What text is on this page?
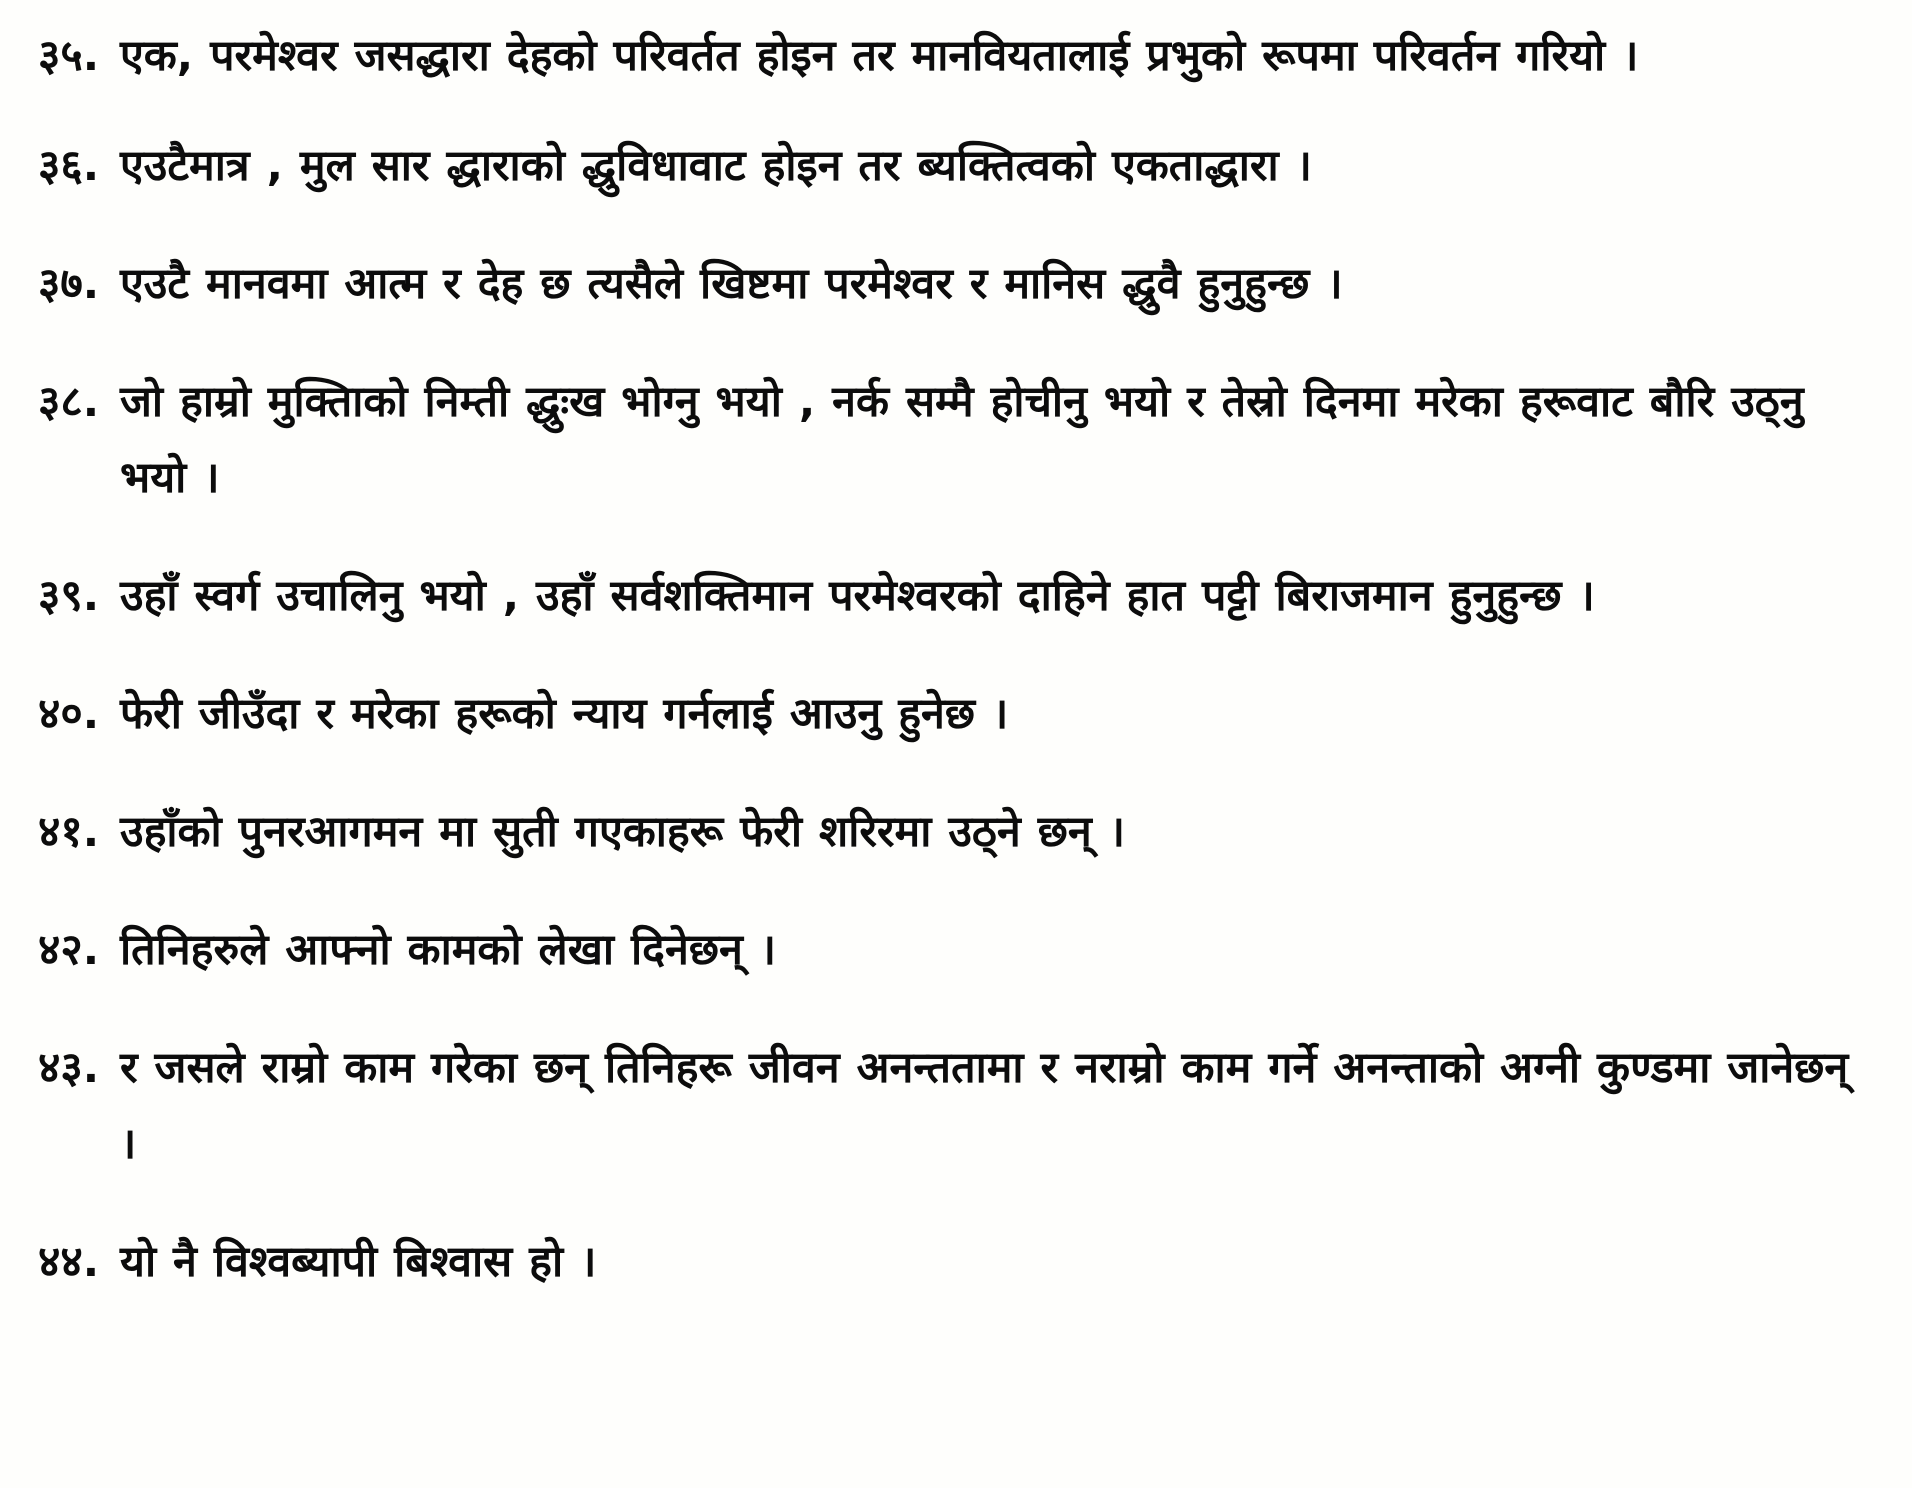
३५. एक, परमेश्वर जसद्धारा देहको परिवर्तत होइन तर मानवियतालाई प्रभुको रूपमा परिवर्तन गरियो ।
३६. एउटैमात्र , मुल सार द्धाराको द्धुविधावाट होइन तर ब्यक्तित्वको एकताद्धारा ।
३७. एउटै मानवमा आत्म र देह छ त्यसैले खिष्टमा परमेश्वर र मानिस द्धुवै हुनुहुन्छ ।
३८. जो हाम्रो मुक्तिाको निम्ती द्धुःख भोग्नु भयो , नर्क सम्मै होचीनु भयो र तेस्रो दिनमा मरेका हरूवाट बौरि उठ्नु भयो ।
३९. उहाँ स्वर्ग उचालिनु भयो , उहाँ सर्वशक्तिमान परमेश्वरको दाहिने हात पट्टी बिराजमान हुनुहुन्छ ।
४०. फेरी जीउँदा र मरेका हरूको न्याय गर्नलाई आउनु हुनेछ ।
४१. उहाँको पुनरआगमन मा सुती गएकाहरू फेरी शरिरमा उठ्ने छन् ।
४२. तिनिहरुले आफ्नो कामको लेखा दिनेछन् ।
४३. र जसले राम्रो काम गरेका छन् तिनिहरू जीवन अनन्ततामा र नराम्रो काम गर्ने अनन्ताको अग्नी कुण्डमा जानेछन् ।
४४. यो नै विश्वब्यापी बिश्वास हो ।
